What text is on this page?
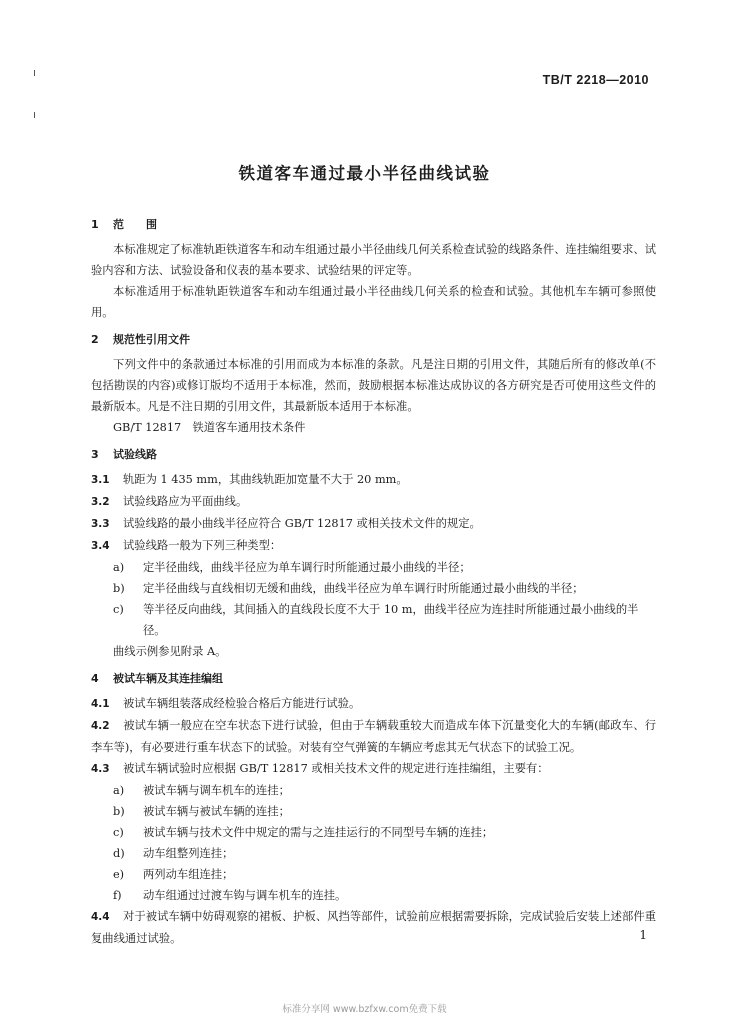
TB/T 2218—2010
铁道客车通过最小半径曲线试验
1 范　　围
本标准规定了标准轨距铁道客车和动车组通过最小半径曲线几何关系检查试验的线路条件、连挂编组要求、试验内容和方法、试验设备和仪表的基本要求、试验结果的评定等。
本标准适用于标准轨距铁道客车和动车组通过最小半径曲线几何关系的检查和试验。其他机车车辆可参照使用。
2 规范性引用文件
下列文件中的条款通过本标准的引用而成为本标准的条款。凡是注日期的引用文件，其随后所有的修改单(不包括勘误的内容)或修订版均不适用于本标准，然而，鼓励根据本标准达成协议的各方研究是否可使用这些文件的最新版本。凡是不注日期的引用文件，其最新版本适用于本标准。
GB/T 12817　铁道客车通用技术条件
3 试验线路
3.1 轨距为 1 435 mm，其曲线轨距加宽量不大于 20 mm。
3.2 试验线路应为平面曲线。
3.3 试验线路的最小曲线半径应符合 GB/T 12817 或相关技术文件的规定。
3.4 试验线路一般为下列三种类型：
a) 定半径曲线，曲线半径应为单车调行时所能通过最小曲线的半径；
b) 定半径曲线与直线相切无缓和曲线，曲线半径应为单车调行时所能通过最小曲线的半径；
c) 等半径反向曲线，其间插入的直线段长度不大于 10 m，曲线半径应为连挂时所能通过最小曲线的半径。
曲线示例参见附录 A。
4 被试车辆及其连挂编组
4.1 被试车辆组装落成经检验合格后方能进行试验。
4.2 被试车辆一般应在空车状态下进行试验，但由于车辆载重较大而造成车体下沉量变化大的车辆(邮政车、行李车等)，有必要进行重车状态下的试验。对装有空气弹簧的车辆应考虑其无气状态下的试验工况。
4.3 被试车辆试验时应根据 GB/T 12817 或相关技术文件的规定进行连挂编组，主要有：
a) 被试车辆与调车机车的连挂；
b) 被试车辆与被试车辆的连挂；
c) 被试车辆与技术文件中规定的需与之连挂运行的不同型号车辆的连挂；
d) 动车组整列连挂；
e) 两列动车组连挂；
f) 动车组通过过渡车钩与调车机车的连挂。
4.4 对于被试车辆中妨碍观察的裙板、护板、风挡等部件，试验前应根据需要拆除，完成试验后安装上述部件重复曲线通过试验。	1
标准分享网 www.bzfxw.com免费下载
